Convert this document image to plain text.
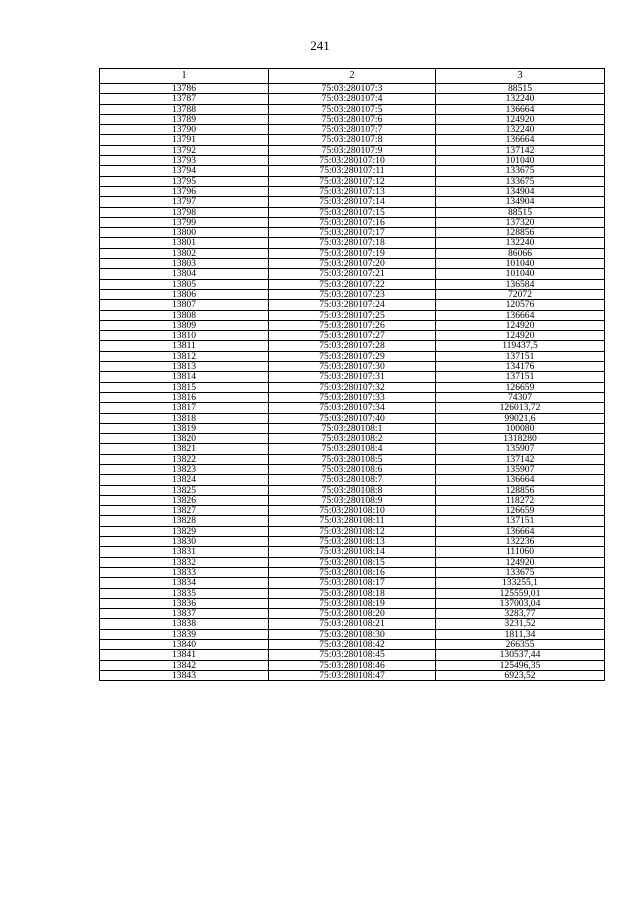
241
1	2	3
13786	75:03:280107:3	88515
13787	75:03:280107:4	132240
13788	75:03:280107:5	136664
13789	75:03:280107:6	124920
13790	75:03:280107:7	132240
13791	75:03:280107:8	136664
13792	75:03:280107:9	137142
13793	75:03:280107:10	101040
13794	75:03:280107:11	133675
13795	75:03:280107:12	133675
13796	75:03:280107:13	134904
13797	75:03:280107:14	134904
13798	75:03:280107:15	88515
13799	75:03:280107:16	137320
13800	75:03:280107:17	128856
13801	75:03:280107:18	132240
13802	75:03:280107:19	86066
13803	75:03:280107:20	101040
13804	75:03:280107:21	101040
13805	75:03:280107:22	136584
13806	75:03:280107:23	72072
13807	75:03:280107:24	120576
13808	75:03:280107:25	136664
13809	75:03:280107:26	124920
13810	75:03:280107:27	124920
13811	75:03:280107:28	119437,5
13812	75:03:280107:29	137151
13813	75:03:280107:30	134176
13814	75:03:280107:31	137151
13815	75:03:280107:32	126659
13816	75:03:280107:33	74307
13817	75:03:280107:34	126013,72
13818	75:03:280107:40	99021,6
13819	75:03:280108:1	100080
13820	75:03:280108:2	1318280
13821	75:03:280108:4	135907
13822	75:03:280108:5	137142
13823	75:03:280108:6	135907
13824	75:03:280108:7	136664
13825	75:03:280108:8	128856
13826	75:03:280108:9	118272
13827	75:03:280108:10	126659
13828	75:03:280108:11	137151
13829	75:03:280108:12	136664
13830	75:03:280108:13	132236
13831	75:03:280108:14	111060
13832	75:03:280108:15	124920
13833	75:03:280108:16	133675
13834	75:03:280108:17	133255,1
13835	75:03:280108:18	125559,01
13836	75:03:280108:19	137003,04
13837	75:03:280108:20	3283,77
13838	75:03:280108:21	3231,52
13839	75:03:280108:30	1811,34
13840	75:03:280108:42	266355
13841	75:03:280108:45	130537,44
13842	75:03:280108:46	125496,35
13843	75:03:280108:47	6923,52
